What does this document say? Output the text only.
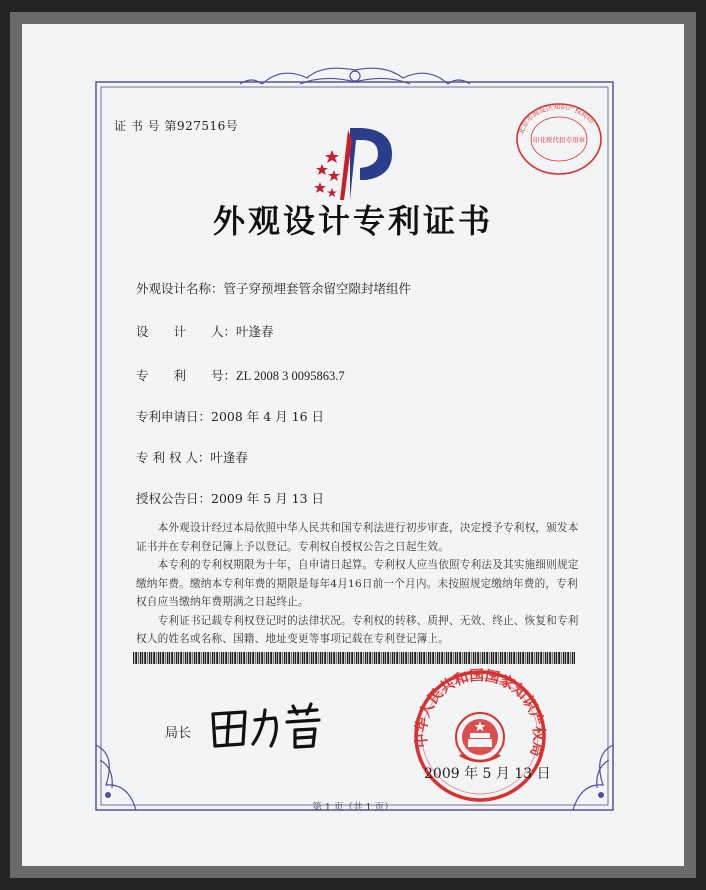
证 书 号 第927516号	北京市海淀区知识产权局印
印花税代扣专用章
外观设计专利证书
外观设计名称：管子穿预埋套管余留空隙封堵组件
设　　计　　人：叶逢春
专　　利　　号：ZL 2008 3 0095863.7
专利申请日：2008 年 4 月 16 日
专 利 权 人：叶逢春
授权公告日：2009 年 5 月 13 日

　　本外观设计经过本局依照中华人民共和国专利法进行初步审查，决定授予专利权，颁发本证书并在专利登记簿上予以登记。专利权自授权公告之日起生效。

　　本专利的专利权期限为十年，自申请日起算。专利权人应当依照专利法及其实施细则规定缴纳年费。缴纳本专利年费的期限是每年4月16日前一个月内。未按照规定缴纳年费的，专利权自应当缴纳年费期满之日起终止。

　　专利证书记载专利权登记时的法律状况。专利权的转移、质押、无效、终止、恢复和专利权人的姓名或名称、国籍、地址变更等事项记载在专利登记簿上。

局长	中华人民共和国国家知识产权局
2009 年 5 月 13 日
第 1 页（共 1 页）
